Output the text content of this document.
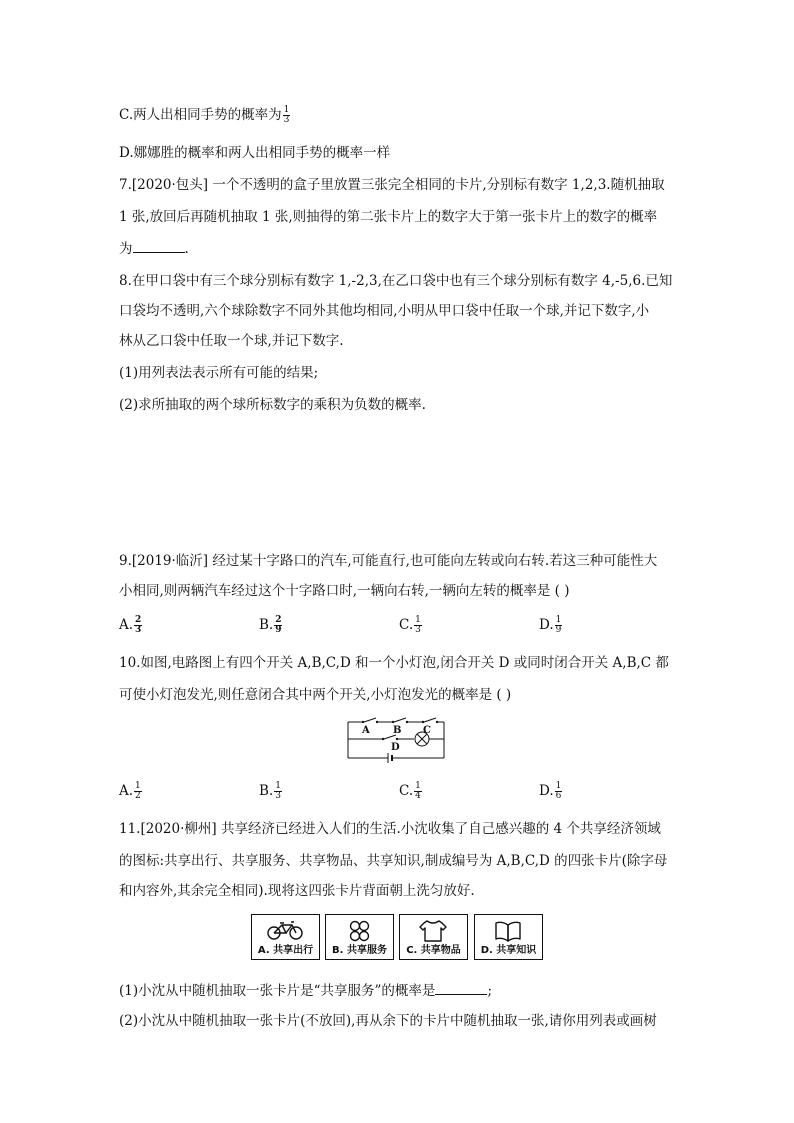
C.两人出相同手势的概率为 $\frac{1}{3}$
D.娜娜胜的概率和两人出相同手势的概率一样
7.[2020·包头] 一个不透明的盒子里放置三张完全相同的卡片,分别标有数字 1,2,3.随机抽取
1 张,放回后再随机抽取 1 张,则抽得的第二张卡片上的数字大于第一张卡片上的数字的概率
为	.
8.在甲口袋中有三个球分别标有数字 1,-2,3,在乙口袋中也有三个球分别标有数字 4,-5,6.已知
口袋均不透明,六个球除数字不同外其他均相同,小明从甲口袋中任取一个球,并记下数字,小
林从乙口袋中任取一个球,并记下数字.
(1)用列表法表示所有可能的结果;
(2)求所抽取的两个球所标数字的乘积为负数的概率.
9.[2019·临沂] 经过某十字路口的汽车,可能直行,也可能向左转或向右转.若这三种可能性大
小相同,则两辆汽车经过这个十字路口时,一辆向右转,一辆向左转的概率是 ( )
A. $\frac{2}{3}$	B. $\frac{2}{9}$	C. $\frac{1}{3}$	D. $\frac{1}{9}$
10.如图,电路图上有四个开关 A,B,C,D 和一个小灯泡,闭合开关 D 或同时闭合开关 A,B,C 都
可使小灯泡发光,则任意闭合其中两个开关,小灯泡发光的概率是 ( )
A B C
D
A. $\frac{1}{2}$	B. $\frac{1}{3}$	C. $\frac{1}{4}$	D. $\frac{1}{6}$
11.[2020·柳州] 共享经济已经进入人们的生活.小沈收集了自己感兴趣的 4 个共享经济领域
的图标:共享出行、共享服务、共享物品、共享知识,制成编号为 A,B,C,D 的四张卡片(除字母
和内容外,其余完全相同).现将这四张卡片背面朝上洗匀放好.
A. 共享出行	B. 共享服务	C. 共享物品	D. 共享知识
(1)小沈从中随机抽取一张卡片是“共享服务”的概率是	;
(2)小沈从中随机抽取一张卡片(不放回),再从余下的卡片中随机抽取一张,请你用列表或画树
